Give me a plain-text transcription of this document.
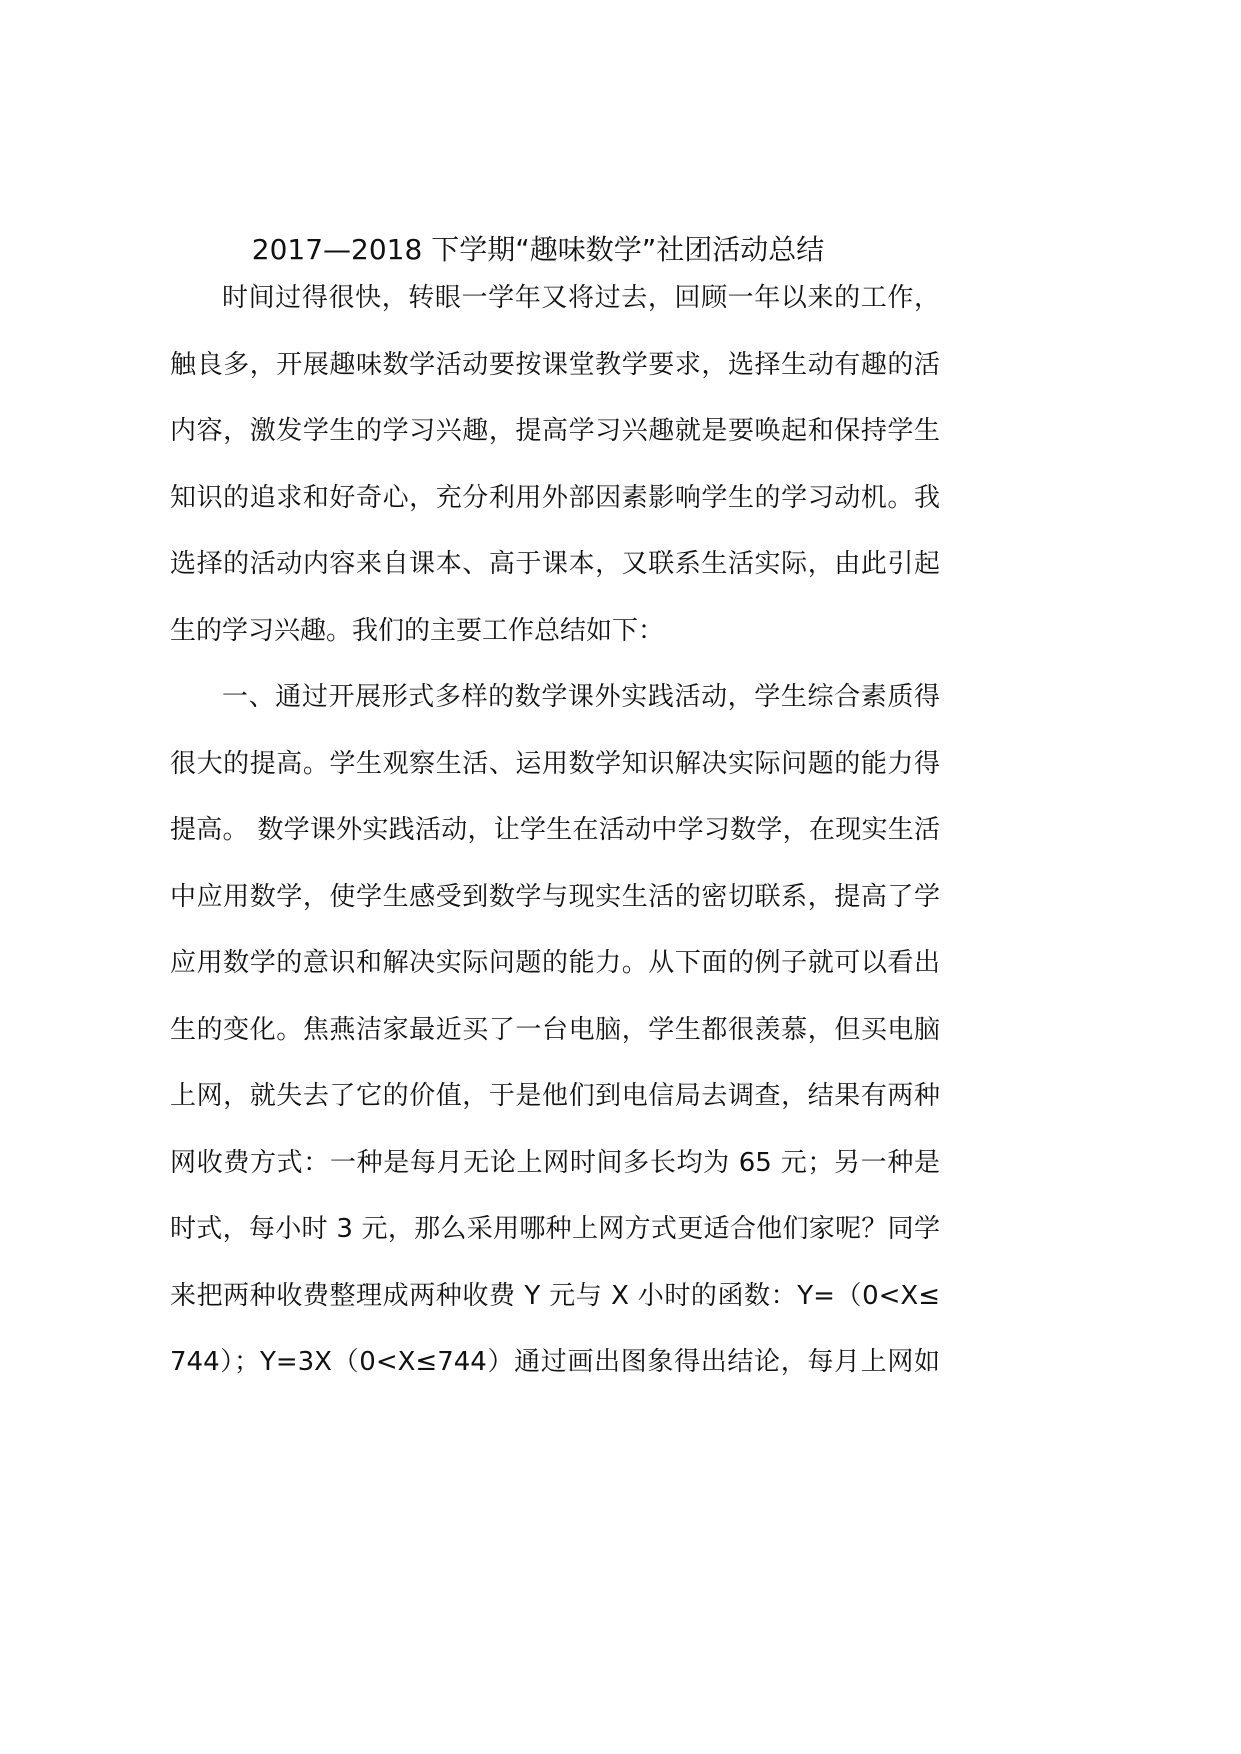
2017—2018 下学期“趣味数学”社团活动总结
时间过得很快，转眼一学年又将过去，回顾一年以来的工作，
触良多，开展趣味数学活动要按课堂教学要求，选择生动有趣的活
内容，激发学生的学习兴趣，提高学习兴趣就是要唤起和保持学生
知识的追求和好奇心，充分利用外部因素影响学生的学习动机。我
选择的活动内容来自课本、高于课本，又联系生活实际，由此引起
生的学习兴趣。我们的主要工作总结如下：
一、通过开展形式多样的数学课外实践活动，学生综合素质得
很大的提高。学生观察生活、运用数学知识解决实际问题的能力得
提高。 数学课外实践活动，让学生在活动中学习数学，在现实生活
中应用数学，使学生感受到数学与现实生活的密切联系，提高了学
应用数学的意识和解决实际问题的能力。从下面的例子就可以看出
生的变化。焦燕洁家最近买了一台电脑，学生都很羡慕，但买电脑
上网，就失去了它的价值，于是他们到电信局去调查，结果有两种
网收费方式：一种是每月无论上网时间多长均为 65 元；另一种是
时式，每小时 3 元，那么采用哪种上网方式更适合他们家呢？同学
来把两种收费整理成两种收费 Y 元与 X 小时的函数：Y=（0<X≤
744）；Y=3X（0<X≤744）通过画出图象得出结论，每月上网如
